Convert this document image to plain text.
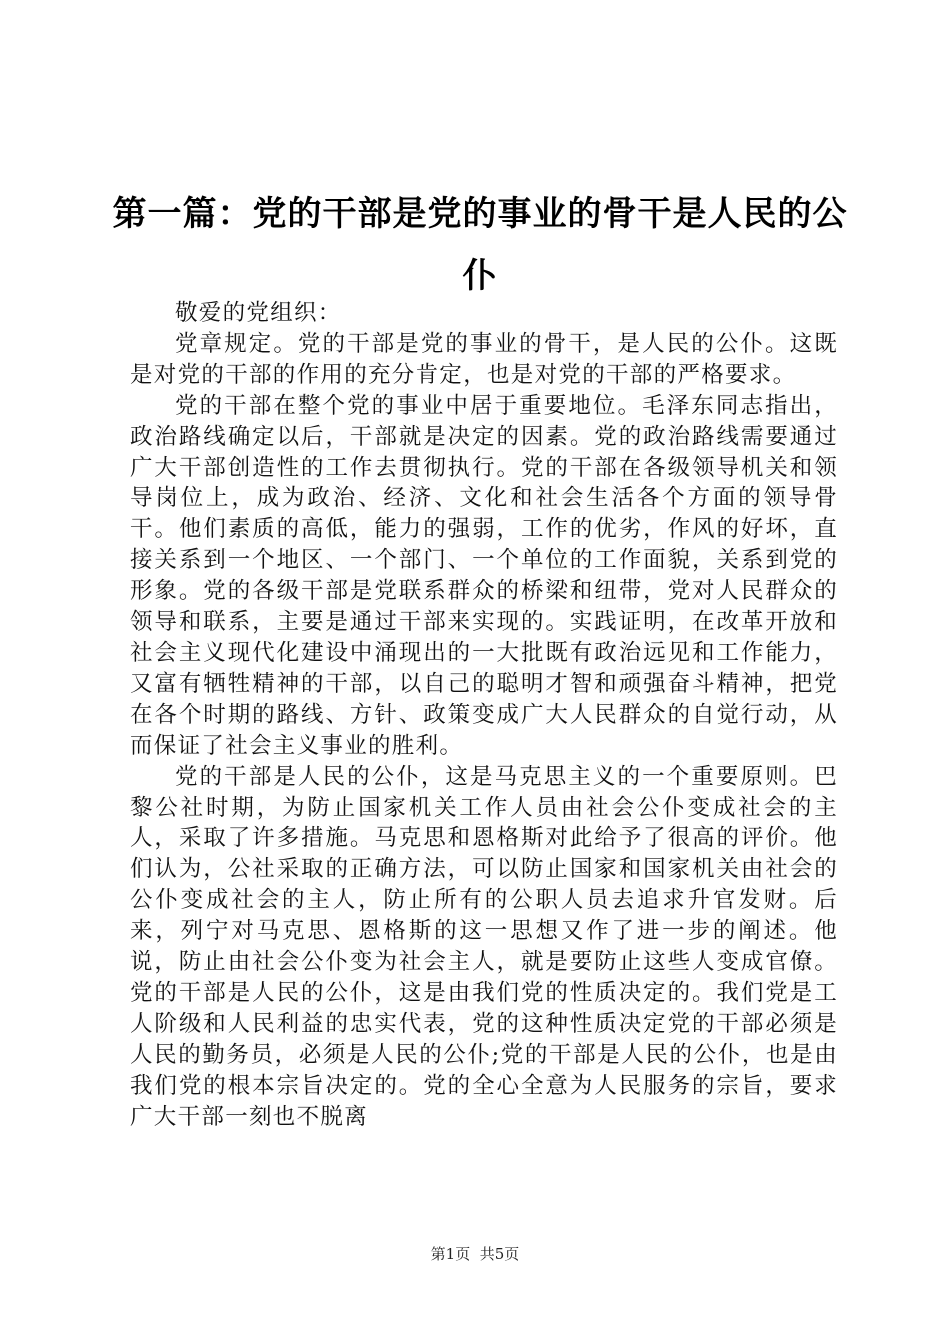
第一篇：党的干部是党的事业的骨干是人民的公仆

敬爱的党组织：

党章规定。党的干部是党的事业的骨干，是人民的公仆。这既是对党的干部的作用的充分肯定，也是对党的干部的严格要求。

党的干部在整个党的事业中居于重要地位。毛泽东同志指出，政治路线确定以后，干部就是决定的因素。党的政治路线需要通过广大干部创造性的工作去贯彻执行。党的干部在各级领导机关和领导岗位上，成为政治、经济、文化和社会生活各个方面的领导骨干。他们素质的高低，能力的强弱，工作的优劣，作风的好坏，直接关系到一个地区、一个部门、一个单位的工作面貌，关系到党的形象。党的各级干部是党联系群众的桥梁和纽带，党对人民群众的领导和联系，主要是通过干部来实现的。实践证明，在改革开放和社会主义现代化建设中涌现出的一大批既有政治远见和工作能力，又富有牺牲精神的干部，以自己的聪明才智和顽强奋斗精神，把党在各个时期的路线、方针、政策变成广大人民群众的自觉行动，从而保证了社会主义事业的胜利。

党的干部是人民的公仆，这是马克思主义的一个重要原则。巴黎公社时期，为防止国家机关工作人员由社会公仆变成社会的主人，采取了许多措施。马克思和恩格斯对此给予了很高的评价。他们认为，公社采取的正确方法，可以防止国家和国家机关由社会的公仆变成社会的主人，防止所有的公职人员去追求升官发财。后来，列宁对马克思、恩格斯的这一思想又作了进一步的阐述。他说，防止由社会公仆变为社会主人，就是要防止这些人变成官僚。党的干部是人民的公仆，这是由我们党的性质决定的。我们党是工人阶级和人民利益的忠实代表，党的这种性质决定党的干部必须是人民的勤务员，必须是人民的公仆;党的干部是人民的公仆，也是由我们党的根本宗旨决定的。党的全心全意为人民服务的宗旨，要求广大干部一刻也不脱离

第1页 共5页
